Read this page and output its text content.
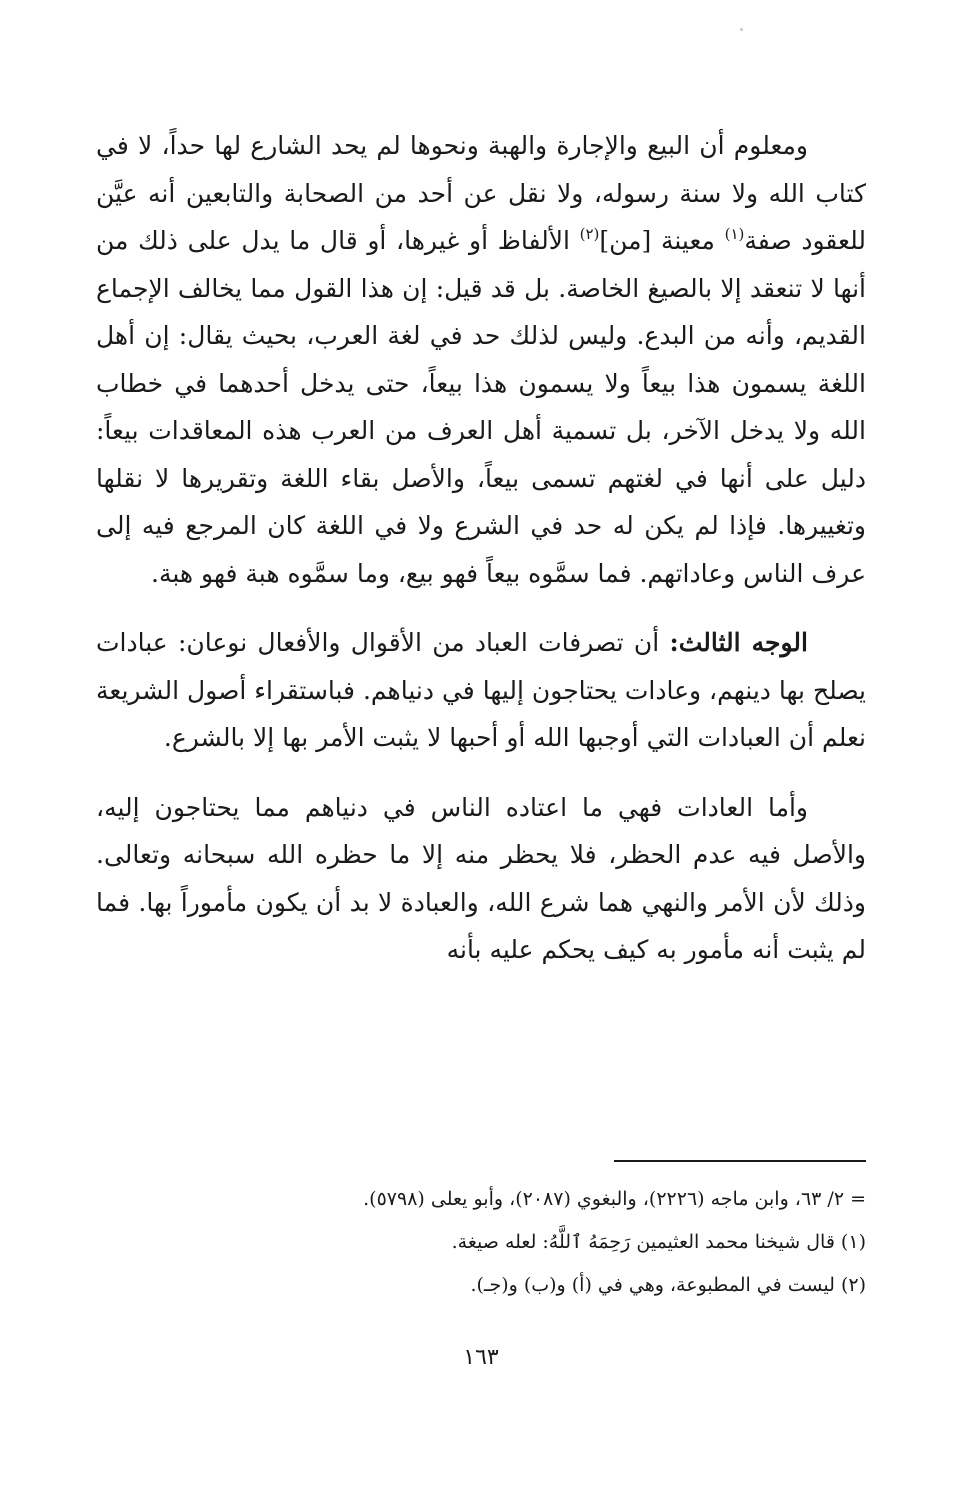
ومعلوم أن البيع والإجارة والهبة ونحوها لم يحد الشارع لها حداً، لا في كتاب الله ولا سنة رسوله، ولا نقل عن أحد من الصحابة والتابعين أنه عيَّن للعقود صفة$^{(١)}$ معينة [من]$^{(٢)}$ الألفاظ أو غيرها، أو قال ما يدل على ذلك من أنها لا تنعقد إلا بالصيغ الخاصة. بل قد قيل: إن هذا القول مما يخالف الإجماع القديم، وأنه من البدع. وليس لذلك حد في لغة العرب، بحيث يقال: إن أهل اللغة يسمون هذا بيعاً ولا يسمون هذا بيعاً، حتى يدخل أحدهما في خطاب الله ولا يدخل الآخر، بل تسمية أهل العرف من العرب هذه المعاقدات بيعاً: دليل على أنها في لغتهم تسمى بيعاً، والأصل بقاء اللغة وتقريرها لا نقلها وتغييرها. فإذا لم يكن له حد في الشرع ولا في اللغة كان المرجع فيه إلى عرف الناس وعاداتهم. فما سمَّوه بيعاً فهو بيع، وما سمَّوه هبة فهو هبة.

الوجه الثالث: أن تصرفات العباد من الأقوال والأفعال نوعان: عبادات يصلح بها دينهم، وعادات يحتاجون إليها في دنياهم. فباستقراء أصول الشريعة نعلم أن العبادات التي أوجبها الله أو أحبها لا يثبت الأمر بها إلا بالشرع.

وأما العادات فهي ما اعتاده الناس في دنياهم مما يحتاجون إليه، والأصل فيه عدم الحظر، فلا يحظر منه إلا ما حظره الله سبحانه وتعالى. وذلك لأن الأمر والنهي هما شرع الله، والعبادة لا بد أن يكون مأموراً بها. فما لم يثبت أنه مأمور به كيف يحكم عليه بأنه

= ٢/ ٦٣، وابن ماجه (٢٢٢٦)، والبغوي (٢٠٨٧)، وأبو يعلى (٥٧٩٨).

(١) قال شيخنا محمد العثيمين رَحِمَهُ ٱللَّهُ: لعله صيغة.

(٢) ليست في المطبوعة، وهي في (أ) و(ب) و(جـ).

١٦٣
